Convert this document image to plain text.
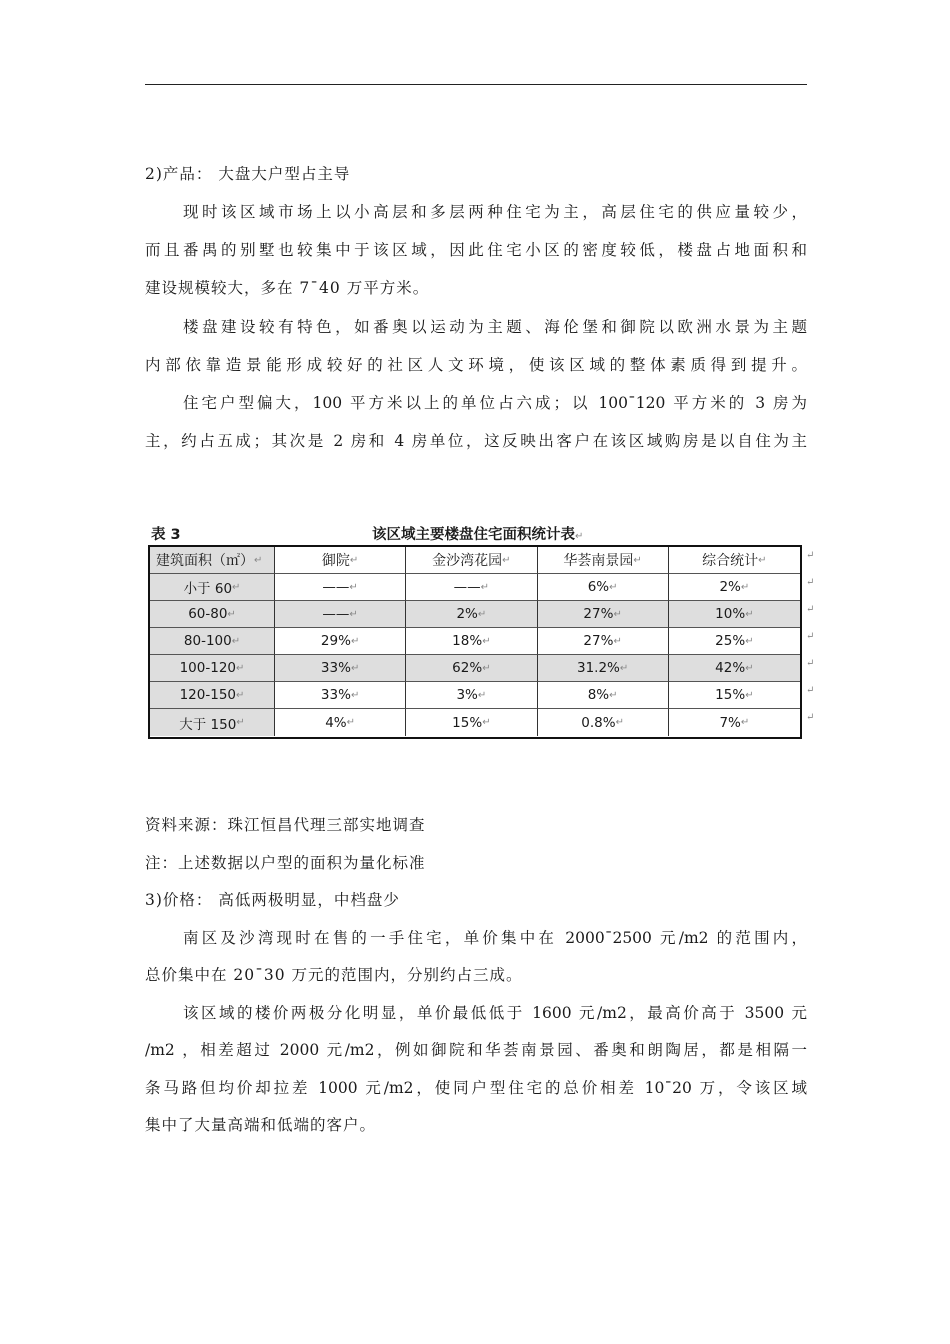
2)产品： 大盘大户型占主导
现时该区域市场上以小高层和多层两种住宅为主，高层住宅的供应量较少，
而且番禺的别墅也较集中于该区域，因此住宅小区的密度较低，楼盘占地面积和
建设规模较大，多在 7¯40 万平方米。
楼盘建设较有特色，如番奥以运动为主题、海伦堡和御院以欧洲水景为主题
内部依靠造景能形成较好的社区人文环境，使该区域的整体素质得到提升。
住宅户型偏大，100 平方米以上的单位占六成；以 100¯120 平方米的 3 房为
主，约占五成；其次是 2 房和 4 房单位，这反映出客户在该区域购房是以自住为主
表 3	该区域主要楼盘住宅面积统计表↵
建筑面积（㎡） ↵	御院 ↵	金沙湾花园 ↵	华荟南景园 ↵	综合统计 ↵
小于 60 ↵	—— ↵	—— ↵	6% ↵	2% ↵
60-80 ↵	—— ↵	2% ↵	27% ↵	10% ↵
80-100 ↵	29% ↵	18% ↵	27% ↵	25% ↵
100-120 ↵	33% ↵	62% ↵	31.2% ↵	42% ↵
120-150 ↵	33% ↵	3% ↵	8% ↵	15% ↵
大于 150 ↵	4% ↵	15% ↵	0.8% ↵	7% ↵
↵
↵
↵
↵
↵
↵
↵
资料来源：珠江恒昌代理三部实地调查
注：上述数据以户型的面积为量化标准
3)价格： 高低两极明显，中档盘少
南区及沙湾现时在售的一手住宅，单价集中在 2000¯2500 元/m2 的范围内，
总价集中在 20¯30 万元的范围内，分别约占三成。
该区域的楼价两极分化明显，单价最低低于 1600 元/m2，最高价高于 3500 元
/m2 ，相差超过 2000 元/m2，例如御院和华荟南景园、番奥和朗陶居，都是相隔一
条马路但均价却拉差 1000 元/m2，使同户型住宅的总价相差 10¯20 万，令该区域
集中了大量高端和低端的客户。
